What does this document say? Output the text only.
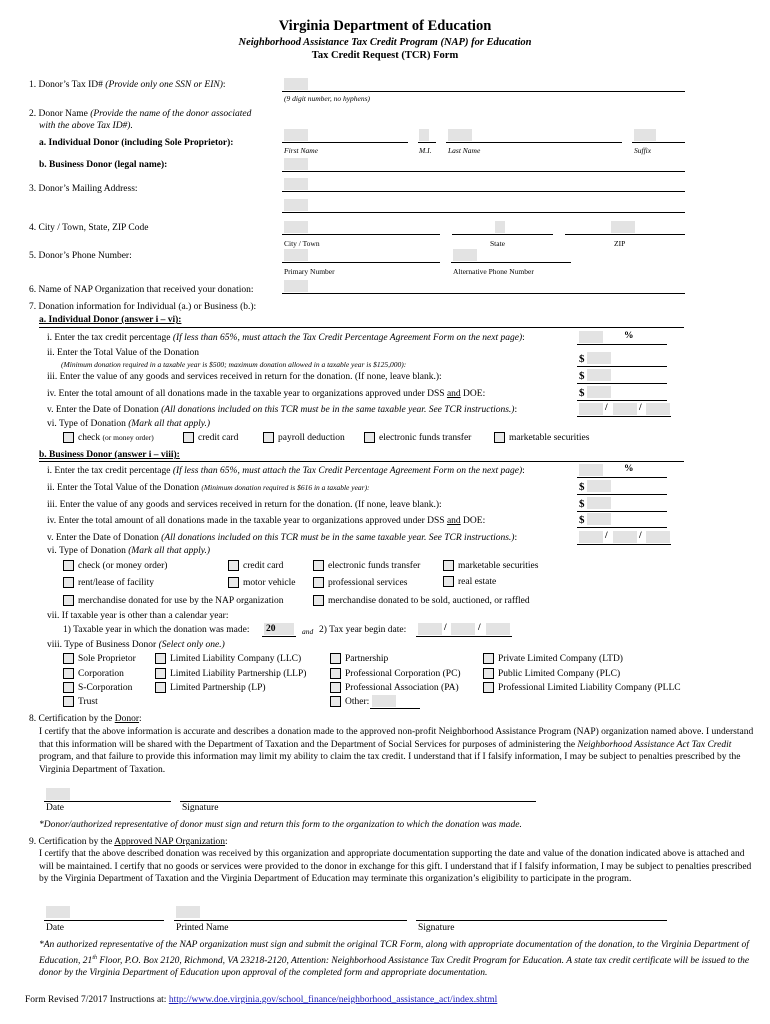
Virginia Department of Education
Neighborhood Assistance Tax Credit Program (NAP) for Education
Tax Credit Request (TCR) Form
1. Donor’s Tax ID# (Provide only one SSN or EIN):
(9 digit number, no hyphens)
2. Donor Name (Provide the name of the donor associated
with the above Tax ID#).
a. Individual Donor (including Sole Proprietor):
First Name	M.I. Last Name	Suffix
b. Business Donor (legal name):
3. Donor’s Mailing Address:
4. City / Town, State, ZIP Code
City / Town	State	ZIP
5. Donor’s Phone Number:
Primary Number	Alternative Phone Number
6. Name of NAP Organization that received your donation:
7. Donation information for Individual (a.) or Business (b.):
a. Individual Donor (answer i – vi):
i. Enter the tax credit percentage (If less than 65%, must attach the Tax Credit Percentage Agreement Form on the next page):	%
ii. Enter the Total Value of the Donation
(Minimum donation required in a taxable year is $500; maximum donation allowed in a taxable year is $125,000):	$
iii. Enter the value of any goods and services received in return for the donation. (If none, leave blank.):	$
iv. Enter the total amount of all donations made in the taxable year to organizations approved under DSS and DOE:	$
v. Enter the Date of Donation (All donations included on this TCR must be in the same taxable year. See TCR instructions.):	/	/
vi. Type of Donation (Mark all that apply.)
check (or money order)	credit card	payroll deduction	electronic funds transfer	marketable securities
b. Business Donor (answer i – viii):
i. Enter the tax credit percentage (If less than 65%, must attach the Tax Credit Percentage Agreement Form on the next page):	%
ii. Enter the Total Value of the Donation (Minimum donation required is $616 in a taxable year):	$
iii. Enter the value of any goods and services received in return for the donation. (If none, leave blank.):	$
iv. Enter the total amount of all donations made in the taxable year to organizations approved under DSS and DOE:	$
v. Enter the Date of Donation (All donations included on this TCR must be in the same taxable year. See TCR instructions.):	/	/
vi. Type of Donation (Mark all that apply.)
check (or money order)	credit card	electronic funds transfer	marketable securities
rent/lease of facility	motor vehicle	professional services	real estate
merchandise donated for use by the NAP organization	merchandise donated to be sold, auctioned, or raffled
vii. If taxable year is other than a calendar year:
1) Taxable year in which the donation was made: 20	and 2) Tax year begin date:	/	/
viii. Type of Business Donor (Select only one.)
Sole Proprietor	Limited Liability Company (LLC)	Partnership	Private Limited Company (LTD)
Corporation	Limited Liability Partnership (LLP)	Professional Corporation (PC)	Public Limited Company (PLC)
S-Corporation	Limited Partnership (LP)	Professional Association (PA)	Professional Limited Liability Company (PLLC
Trust	Other:
8. Certification by the Donor:
I certify that the above information is accurate and describes a donation made to the approved non-profit Neighborhood Assistance Program (NAP) organization named above. I understand that this information will be shared with the Department of Taxation and the Department of Social Services for purposes of administering the Neighborhood Assistance Act Tax Credit program, and that failure to provide this information may limit my ability to claim the tax credit. I understand that if I falsify information, I may be subject to penalties prescribed by the Virginia Department of Taxation.
Date	Signature
*Donor/authorized representative of donor must sign and return this form to the organization to which the donation was made.
9. Certification by the Approved NAP Organization:
I certify that the above described donation was received by this organization and appropriate documentation supporting the date and value of the donation indicated above is attached and will be maintained. I certify that no goods or services were provided to the donor in exchange for this gift. I understand that if I falsify information, I may be subject to penalties prescribed by the Virginia Department of Taxation and the Virginia Department of Education may terminate this organization’s eligibility to participate in the program.
Date	Printed Name	Signature
*An authorized representative of the NAP organization must sign and submit the original TCR Form, along with appropriate documentation of the donation, to the Virginia Department of Education, 21th Floor, P.O. Box 2120, Richmond, VA 23218-2120, Attention: Neighborhood Assistance Tax Credit Program for Education. A state tax credit certificate will be issued to the donor by the Virginia Department of Education upon approval of the completed form and appropriate documentation.
Form Revised 7/2017 Instructions at: http://www.doe.virginia.gov/school_finance/neighborhood_assistance_act/index.shtml
